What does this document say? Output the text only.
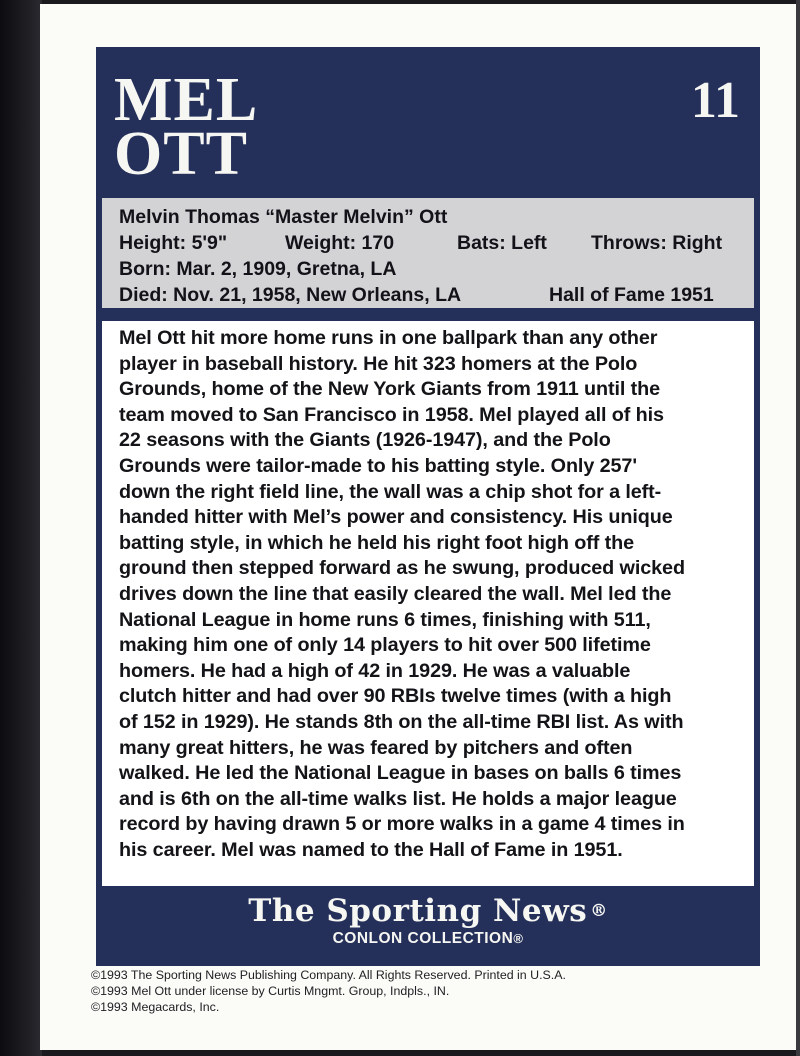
MEL
OTT
11
Melvin Thomas “Master Melvin” Ott
Height: 5'9"	Weight: 170	Bats: Left	Throws: Right
Born: Mar. 2, 1909, Gretna, LA
Died: Nov. 21, 1958, New Orleans, LA	Hall of Fame 1951
Mel Ott hit more home runs in one ballpark than any other
player in baseball history. He hit 323 homers at the Polo
Grounds, home of the New York Giants from 1911 until the
team moved to San Francisco in 1958. Mel played all of his
22 seasons with the Giants (1926-1947), and the Polo
Grounds were tailor-made to his batting style. Only 257'
down the right field line, the wall was a chip shot for a left-
handed hitter with Mel’s power and consistency. His unique
batting style, in which he held his right foot high off the
ground then stepped forward as he swung, produced wicked
drives down the line that easily cleared the wall. Mel led the
National League in home runs 6 times, finishing with 511,
making him one of only 14 players to hit over 500 lifetime
homers. He had a high of 42 in 1929. He was a valuable
clutch hitter and had over 90 RBIs twelve times (with a high
of 152 in 1929). He stands 8th on the all-time RBI list. As with
many great hitters, he was feared by pitchers and often
walked. He led the National League in bases on balls 6 times
and is 6th on the all-time walks list. He holds a major league
record by having drawn 5 or more walks in a game 4 times in
his career. Mel was named to the Hall of Fame in 1951.
The Sporting News ®
CONLON COLLECTION®
©1993 The Sporting News Publishing Company. All Rights Reserved. Printed in U.S.A.
©1993 Mel Ott under license by Curtis Mngmt. Group, Indpls., IN.
©1993 Megacards, Inc.
